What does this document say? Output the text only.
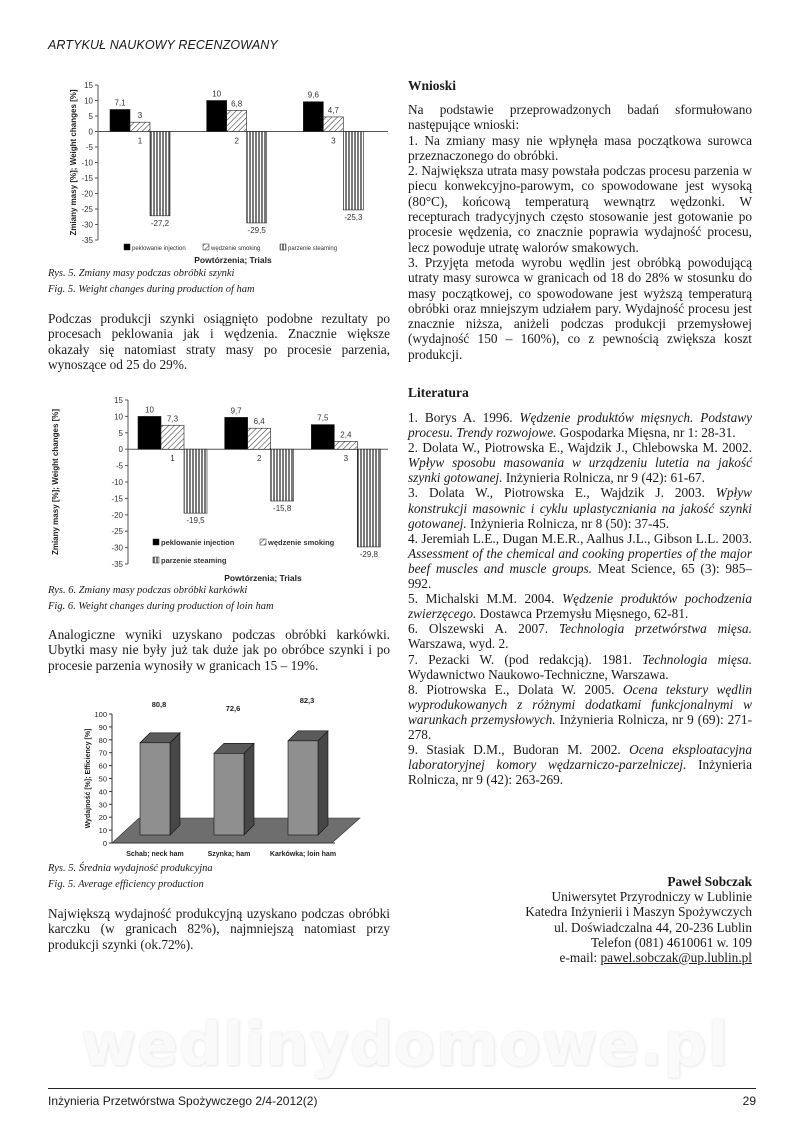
ARTYKUŁ NAUKOWY RECENZOWANY
15
10
5
0
-5
-10
-15
-20
-25
-30
-35
Zmiany masy [%]; Weight changes [%]	7,1
3
-27,2
1
10
6,8
-29,5
2
9,6
4,7
-25,3
3
peklowanie injection	wędzenie smoking	parzenie steaming
Powtórzenia; Trials
Rys. 5. Zmiany masy podczas obróbki szynki
Fig. 5. Weight changes during production of ham

Podczas produkcji szynki osiągnięto podobne rezultaty po procesach peklowania jak i wędzenia. Znacznie większe okazały się natomiast straty masy po procesie parzenia, wynoszące od 25 do 29%.

15
10
5
0
-5
-10
-15
-20
-25
-30
-35
Zmiany masy [%]; Weight changes [%]	10
7,3
-19,5
1
9,7
6,4
-15,8
2
7,5
2,4
-29,8
3
peklowanie injection	wędzenie smoking
parzenie steaming
Powtórzenia; Trials
Rys. 6. Zmiany masy podczas obróbki karkówki
Fig. 6. Weight changes during production of loin ham

Analogiczne wyniki uzyskano podczas obróbki karkówki. Ubytki masy nie były już tak duże jak po obróbce szynki i po procesie parzenia wynosiły w granicach 15 – 19%.

100
90
80
70
60
50
40
30
20
10
0
Wydajność [%]; Efficiency [%]
80,8
Schab; neck ham
72,6
Szynka; ham
82,3
Karkówka; loin ham
Rys. 5. Średnia wydajność produkcyjna
Fig. 5. Average efficiency production

Największą wydajność produkcyjną uzyskano podczas obróbki karczku (w granicach 82%), najmniejszą natomiast przy produkcji szynki (ok.72%).

Wnioski

Na podstawie przeprowadzonych badań sformułowano następujące wnioski:

1. Na zmiany masy nie wpłynęła masa początkowa surowca przeznaczonego do obróbki.

2. Największa utrata masy powstała podczas procesu parzenia w piecu konwekcyjno-parowym, co spowodowane jest wysoką (80°C), końcową temperaturą wewnątrz wędzonki. W recepturach tradycyjnych często stosowanie jest gotowanie po procesie wędzenia, co znacznie poprawia wydajność procesu, lecz powoduje utratę walorów smakowych.

3. Przyjęta metoda wyrobu wędlin jest obróbką powodującą utraty masy surowca w granicach od 18 do 28% w stosunku do masy początkowej, co spowodowane jest wyższą temperaturą obróbki oraz mniejszym udziałem pary. Wydajność procesu jest znacznie niższa, aniżeli podczas produkcji przemysłowej (wydajność 150 – 160%), co z pewnością zwiększa koszt produkcji.

Literatura
1. Borys A. 1996. Wędzenie produktów mięsnych. Podstawy procesu. Trendy rozwojowe. Gospodarka Mięsna, nr 1: 28-31.
2. Dolata W., Piotrowska E., Wajdzik J., Chlebowska M. 2002. Wpływ sposobu masowania w urządzeniu lutetia na jakość szynki gotowanej. Inżynieria Rolnicza, nr 9 (42): 61-67.
3. Dolata W., Piotrowska E., Wajdzik J. 2003. Wpływ konstrukcji masownic i cyklu uplastyczniania na jakość szynki gotowanej. Inżynieria Rolnicza, nr 8 (50): 37-45.
4. Jeremiah L.E., Dugan M.E.R., Aalhus J.L., Gibson L.L. 2003. Assessment of the chemical and cooking properties of the major beef muscles and muscle groups. Meat Science, 65 (3): 985–992.
5. Michalski M.M. 2004. Wędzenie produktów pochodzenia zwierzęcego. Dostawca Przemysłu Mięsnego, 62-81.
6. Olszewski A. 2007. Technologia przetwórstwa mięsa. Warszawa, wyd. 2.
7. Pezacki W. (pod redakcją). 1981. Technologia mięsa. Wydawnictwo Naukowo-Techniczne, Warszawa.
8. Piotrowska E., Dolata W. 2005. Ocena tekstury wędlin wyprodukowanych z różnymi dodatkami funkcjonalnymi w warunkach przemysłowych. Inżynieria Rolnicza, nr 9 (69): 271-278.
9. Stasiak D.M., Budoran M. 2002. Ocena eksploatacyjna laboratoryjnej komory wędzarniczo-parzelniczej. Inżynieria Rolnicza, nr 9 (42): 263-269.
Paweł Sobczak
Uniwersytet Przyrodniczy w Lublinie
Katedra Inżynierii i Maszyn Spożywczych
ul. Doświadczalna 44, 20-236 Lublin
Telefon (081) 4610061 w. 109
e-mail: pawel.sobczak@up.lublin.pl
wedlinydomowe.pl
Inżynieria Przetwórstwa Spożywczego 2/4-2012(2)	29
